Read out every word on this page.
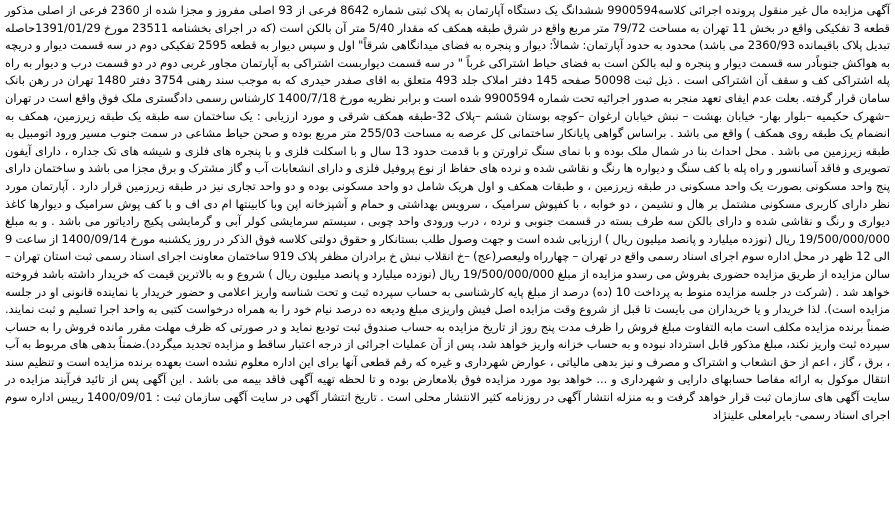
آگهی مزایده مال غیر منقول پرونده اجرائی کلاسه9900594 ششدانگ یک دستگاه آپارتمان به پلاک ثبتی شماره 8642 فرعی از 93 اصلی مفروز و مجزا شده از 2360 فرعی از اصلی مذکور قطعه 3 تفکیکی واقع در بخش 11 تهران به مساحت 79/72 متر مربع واقع در شرق طبقه همکف که مقدار 5/40 متر آن بالکن است (که در اجرای بخشنامه 23511 مورخ 1391/01/29حاصله تبدیل پلاک باقیمانده 2360/93 می باشد) محدود به حدود آپارتمان: شمالاً: دیوار و پنجره به فضای میدانگاهی شرقاً" اول و سپس دیوار به قطعه 2595 تفکیکی دوم در سه قسمت دیوار و دریچه به هواکش جنوباًدر سه قسمت دیوار و پنجره و لبه بالکن است به فضای حیاط اشتراکی غرباً " در سه قسمت دیواربست اشتراکی به آپارتمان مجاور غربی دوم در دو قسمت درب و دیوار به راه پله اشتراکی کف و سقف آن اشتراکی است . ذیل ثبت 50098 صفحه 145 دفتر املاک جلد 493 متعلق به اقای صفدر حیدری که به موجب سند رهنی 3754 دفتر 1480 تهران در رهن بانک سامان قرار گرفته. بعلت عدم ایفای تعهد منجر به صدور اجرائیه تحت شماره 9900594 شده است و برابر نظریه مورخ 1400/7/18 کارشناس رسمی دادگستری ملک فوق واقع است در تهران –شهرک حکیمیه –بلوار بهار- خیابان بهشت – نبش خیابان ارغوان –کوچه بوستان ششم –پلاک 32-طبقه همکف شرقی و مورد ارزیابی : یک ساختمان سه طبقه یک طبقه زیرزمین، همکف به انضمام یک طبقه روی همکف ) واقع می باشد . براساس گواهی پایانکار ساختمانی کل عرصه به مساحت 255/03 متر مربع بوده و صحن حیاط مشاعی در سمت جنوب مسیر ورود اتومبیل به طبقه زیرزمین می باشد . محل احداث بنا در شمال ملک بوده و با نمای سنگ تراورتن و با قدمت حدود 13 سال و با اسکلت فلزی و با پنجره های فلزی و شیشه های تک جداره ، دارای آیفون تصویری و فاقد آسانسور و راه پله با کف سنگ و دیواره ها رنگ و نقاشی شده و نرده های حفاظ از نوع پروفیل فلزی و دارای انشعابات آب و گاز مشترک و برق مجزا می باشد و ساختمان دارای پنج واحد مسکونی بصورت یک واحد مسکونی در طبقه زیرزمین ، و طبقات همکف و اول هریک شامل دو واحد مسکونی بوده و دو واحد تجاری نیز در طبقه زیرزمین قرار دارد . آپارتمان مورد نظر دارای کاربری مسکونی مشتمل بر هال و نشیمن ، دو خوابه ، با کفپوش سرامیک ، سرویس بهداشتی و حمام و آشپزخانه اپن وبا کابینتها ام دی اف و با کف پوش سرامیک و دیوارها کاغذ دیواری و رنگ و نقاشی شده و دارای بالکن سه طرف بسته در قسمت جنوبی و نرده ، درب ورودی واحد چوبی ، سیستم سرمایشی کولر آبی و گرمایشی پکیج رادیاتور می باشد . و به مبلغ 19/500/000/000 ریال (نوزده میلیارد و پانصد میلیون ریال ) ارزیابی شده است و جهت وصول طلب بستانکار و حقوق دولتی کلاسه فوق الذکر در روز یکشنبه مورخ 1400/09/14 از ساعت 9 الی 12 ظهر در محل اداره سوم اجرای اسناد رسمی واقع در تهران – چهارراه ولیعصر(عج) –خ انقلاب نبش خ برادران مظفر پلاک 919 ساختمان معاونت اجرای اسناد رسمی ثبت استان تهران – سالن مزایده از طریق مزایده حضوری بفروش می رسدو مزایده از مبلغ 19/500/000/000 ریال (نوزده میلیارد و پانصد میلیون ریال ) شروع و به بالاترین قیمت که خریدار داشته باشد فروخته خواهد شد . (شرکت در جلسه مزایده منوط به پرداخت 10 (ده) درصد از مبلغ پایه کارشناسی به حساب سپرده ثبت و تحت شناسه واریز اعلامی و حضور خریدار یا نماینده قانونی او در جلسه مزایده است). لذا خریدار و یا خریداران می بایست تا قبل از شروع وقت مزایده اصل فیش واریزی مبلغ ودیعه ده درصد نیام خود را به همراه درخواست کتبی به واحد اجرا تسلیم و ثبت نمایند. ضمناً برنده مزایده مکلف است مابه التفاوت مبلغ فروش را ظرف مدت پنج روز از تاریخ مزایده به حساب صندوق ثبت تودیع نماید و در صورتی که ظرف مهلت مقرر مانده فروش را به حساب سپرده ثبت واریز نکند، مبلغ مذکور قابل استرداد نبوده و به حساب خزانه واریز خواهد شد، پس از آن عملیات اجرائی از درجه اعتبار ساقط و مزایده تجدید میگردد).ضمناً بدهی های مربوط به آب ، برق ، گاز ، اعم از حق انشعاب و اشتراک و مصرف و نیز بدهی مالیاتی ، عوارض شهرداری و غیره که رقم قطعی آنها برای این اداره معلوم نشده است بعهده برنده مزایده است و تنظیم سند انتقال موکول به ارائه مفاصا حسابهای دارایی و شهرداری و ... خواهد بود مورد مزایده فوق بلامعارض بوده و تا لحظه تهیه آگهی فاقد بیمه می باشد . این آگهی پس از تائید فرآیند مزایده در سایت آگهی های سازمان ثبت قرار خواهد گرفت و به منزله انتشار آگهی در روزنامه کثیر الانتشار محلی است . تاریخ انتشار آگهی در سایت آگهی سازمان ثبت : 1400/09/01 رییس اداره سوم اجرای اسناد رسمی- بایرامعلی علینژاد
